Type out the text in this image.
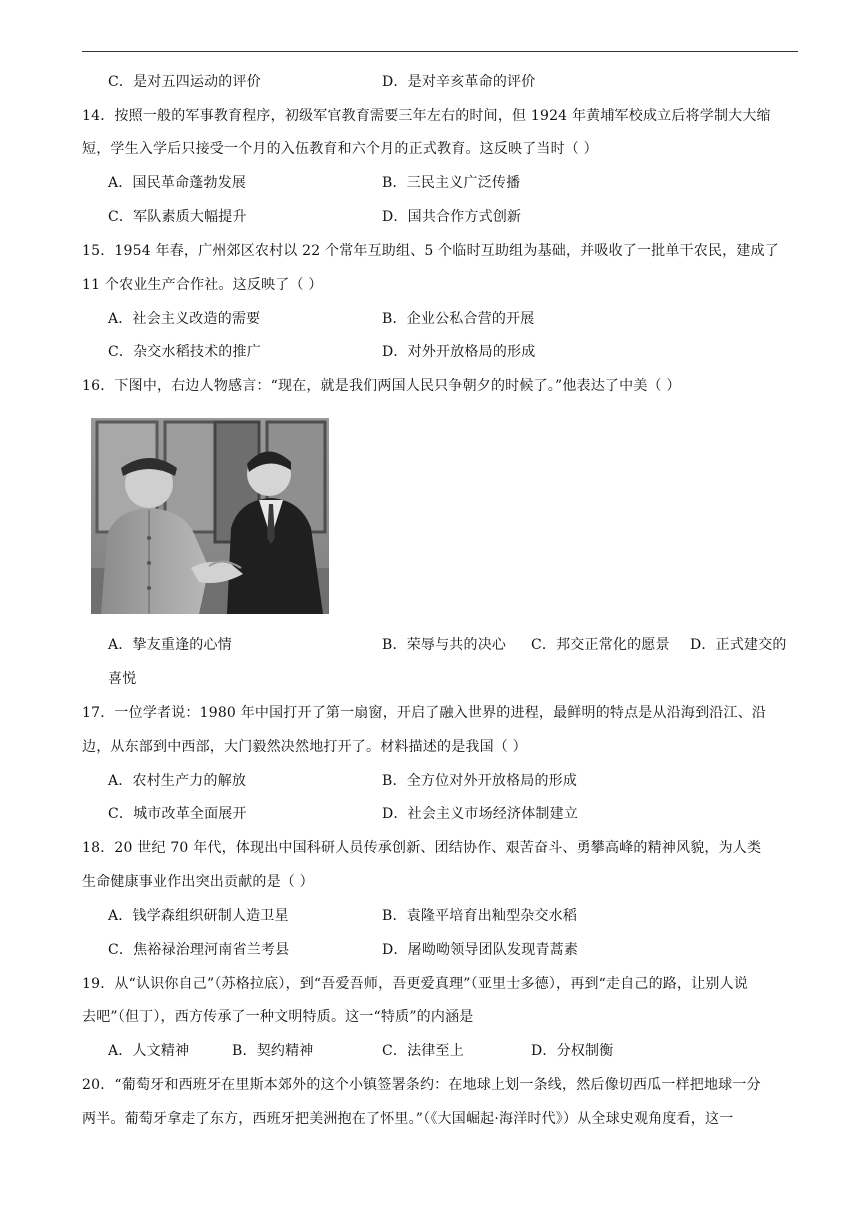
C．是对五四运动的评价	D．是对辛亥革命的评价
14．按照一般的军事教育程序，初级军官教育需要三年左右的时间，但 1924 年黄埔军校成立后将学制大大缩
短，学生入学后只接受一个月的入伍教育和六个月的正式教育。这反映了当时（ ）
A．国民革命蓬勃发展	B．三民主义广泛传播
C．军队素质大幅提升	D．国共合作方式创新
15．1954 年春，广州郊区农村以 22 个常年互助组、5 个临时互助组为基础，并吸收了一批单干农民，建成了
11 个农业生产合作社。这反映了（ ）
A．社会主义改造的需要	B．企业公私合营的开展
C．杂交水稻技术的推广	D．对外开放格局的形成
16．下图中，右边人物感言：“现在，就是我们两国人民只争朝夕的时候了。”他表达了中美（ ）
A．挚友重逢的心情	B．荣辱与共的决心 C．邦交正常化的愿景 D．正式建交的
喜悦
17．一位学者说：1980 年中国打开了第一扇窗，开启了融入世界的进程，最鲜明的特点是从沿海到沿江、沿
边，从东部到中西部，大门毅然决然地打开了。材料描述的是我国（ ）
A．农村生产力的解放	B．全方位对外开放格局的形成
C．城市改革全面展开	D．社会主义市场经济体制建立
18．20 世纪 70 年代，体现出中国科研人员传承创新、团结协作、艰苦奋斗、勇攀高峰的精神风貌，为人类
生命健康事业作出突出贡献的是（ ）
A．钱学森组织研制人造卫星	B．袁隆平培育出籼型杂交水稻
C．焦裕禄治理河南省兰考县	D．屠呦呦领导团队发现青蒿素
19．从“认识你自己”（苏格拉底），到“吾爱吾师，吾更爱真理”（亚里士多德），再到“走自己的路，让别人说
去吧”（但丁），西方传承了一种文明特质。这一“特质”的内涵是
A．人文精神	B．契约精神	C．法律至上	D．分权制衡
20．“葡萄牙和西班牙在里斯本郊外的这个小镇签署条约：在地球上划一条线，然后像切西瓜一样把地球一分
两半。葡萄牙拿走了东方，西班牙把美洲抱在了怀里。”（《大国崛起·海洋时代》）从全球史观角度看，这一
